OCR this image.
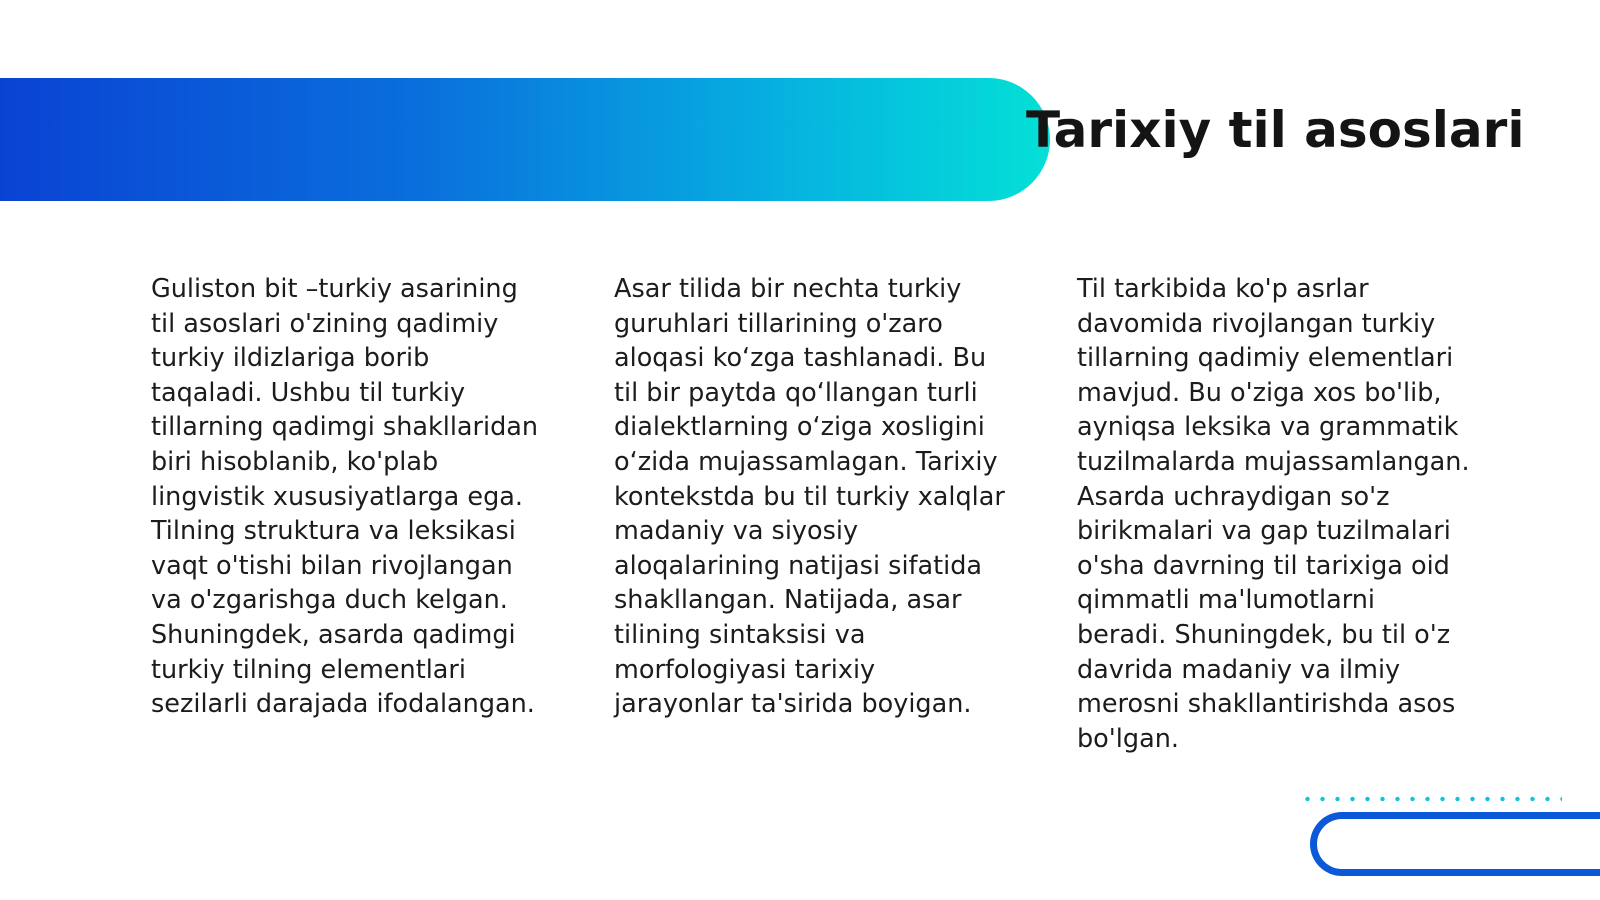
Tarixiy til asoslari

Guliston bit –turkiy asarining til asoslari o'zining qadimiy turkiy ildizlariga borib taqaladi. Ushbu til turkiy tillarning qadimgi shakllaridan biri hisoblanib, ko'plab lingvistik xususiyatlarga ega. Tilning struktura va leksikasi vaqt o'tishi bilan rivojlangan va o'zgarishga duch kelgan. Shuningdek, asarda qadimgi turkiy tilning elementlari sezilarli darajada ifodalangan.

Asar tilida bir nechta turkiy guruhlari tillarining o'zaro aloqasi ko‘zga tashlanadi. Bu til bir paytda qo‘llangan turli dialektlarning o‘ziga xosligini o‘zida mujassamlagan. Tarixiy kontekstda bu til turkiy xalqlar madaniy va siyosiy aloqalarining natijasi sifatida shakllangan. Natijada, asar tilining sintaksisi va morfologiyasi tarixiy jarayonlar ta'sirida boyigan.

Til tarkibida ko'p asrlar davomida rivojlangan turkiy tillarning qadimiy elementlari mavjud. Bu o'ziga xos bo'lib, ayniqsa leksika va grammatik tuzilmalarda mujassamlangan. Asarda uchraydigan so'z birikmalari va gap tuzilmalari o'sha davrning til tarixiga oid qimmatli ma'lumotlarni beradi. Shuningdek, bu til o'z davrida madaniy va ilmiy merosni shakllantirishda asos bo'lgan.
